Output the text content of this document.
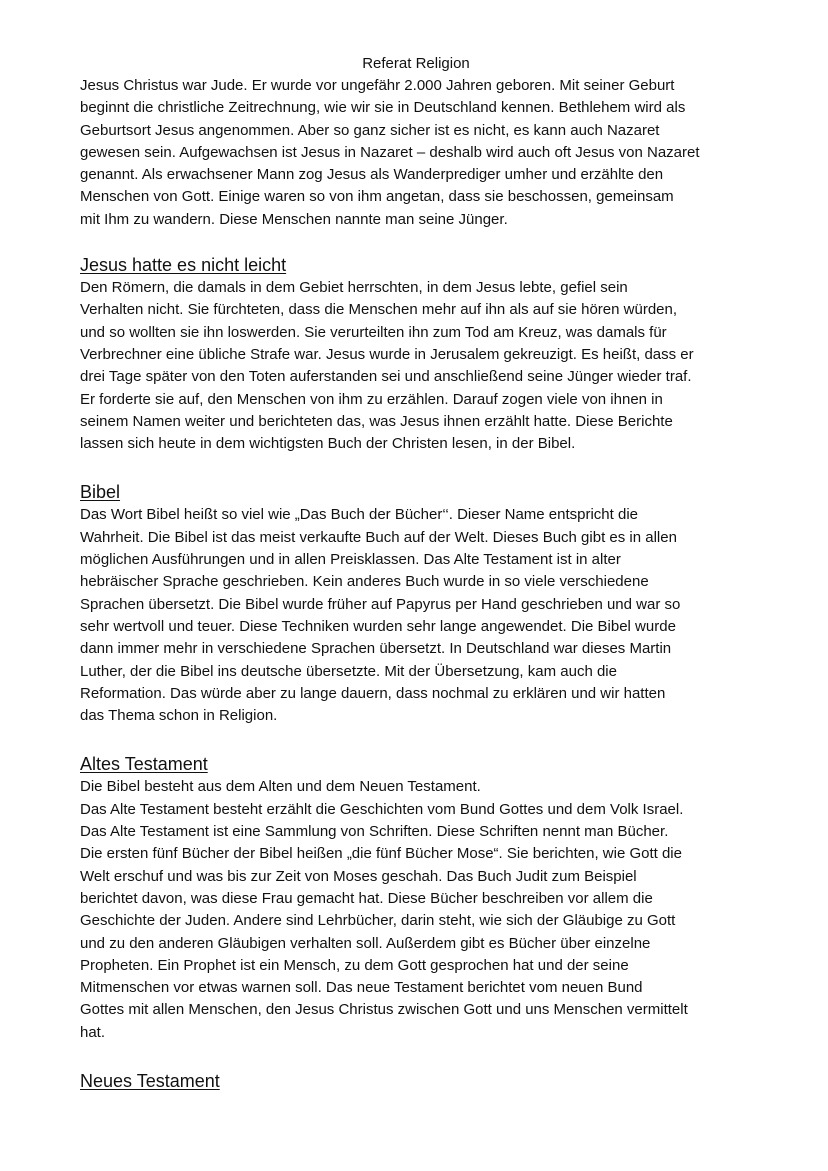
Referat Religion

Jesus Christus war Jude. Er wurde vor ungefähr 2.000 Jahren geboren. Mit seiner Geburt
beginnt die christliche Zeitrechnung, wie wir sie in Deutschland kennen. Bethlehem wird als
Geburtsort Jesus angenommen. Aber so ganz sicher ist es nicht, es kann auch Nazaret
gewesen sein. Aufgewachsen ist Jesus in Nazaret – deshalb wird auch oft Jesus von Nazaret
genannt. Als erwachsener Mann zog Jesus als Wanderprediger umher und erzählte den
Menschen von Gott. Einige waren so von ihm angetan, dass sie beschossen, gemeinsam
mit Ihm zu wandern. Diese Menschen nannte man seine Jünger.

Jesus hatte es nicht leicht

Den Römern, die damals in dem Gebiet herrschten, in dem Jesus lebte, gefiel sein
Verhalten nicht. Sie fürchteten, dass die Menschen mehr auf ihn als auf sie hören würden,
und so wollten sie ihn loswerden. Sie verurteilten ihn zum Tod am Kreuz, was damals für
Verbrechner eine übliche Strafe war. Jesus wurde in Jerusalem gekreuzigt. Es heißt, dass er
drei Tage später von den Toten auferstanden sei und anschließend seine Jünger wieder traf.
Er forderte sie auf, den Menschen von ihm zu erzählen. Darauf zogen viele von ihnen in
seinem Namen weiter und berichteten das, was Jesus ihnen erzählt hatte. Diese Berichte
lassen sich heute in dem wichtigsten Buch der Christen lesen, in der Bibel.

Bibel

Das Wort Bibel heißt so viel wie „Das Buch der Bücher‘‘. Dieser Name entspricht die
Wahrheit. Die Bibel ist das meist verkaufte Buch auf der Welt. Dieses Buch gibt es in allen
möglichen Ausführungen und in allen Preisklassen. Das Alte Testament ist in alter
hebräischer Sprache geschrieben. Kein anderes Buch wurde in so viele verschiedene
Sprachen übersetzt. Die Bibel wurde früher auf Papyrus per Hand geschrieben und war so
sehr wertvoll und teuer. Diese Techniken wurden sehr lange angewendet. Die Bibel wurde
dann immer mehr in verschiedene Sprachen übersetzt. In Deutschland war dieses Martin
Luther, der die Bibel ins deutsche übersetzte. Mit der Übersetzung, kam auch die
Reformation. Das würde aber zu lange dauern, dass nochmal zu erklären und wir hatten
das Thema schon in Religion.

Altes Testament

Die Bibel besteht aus dem Alten und dem Neuen Testament.
Das Alte Testament besteht erzählt die Geschichten vom Bund Gottes und dem Volk Israel.
Das Alte Testament ist eine Sammlung von Schriften. Diese Schriften nennt man Bücher.
Die ersten fünf Bücher der Bibel heißen „die fünf Bücher Mose“. Sie berichten, wie Gott die
Welt erschuf und was bis zur Zeit von Moses geschah. Das Buch Judit zum Beispiel
berichtet davon, was diese Frau gemacht hat. Diese Bücher beschreiben vor allem die
Geschichte der Juden. Andere sind Lehrbücher, darin steht, wie sich der Gläubige zu Gott
und zu den anderen Gläubigen verhalten soll. Außerdem gibt es Bücher über einzelne
Propheten. Ein Prophet ist ein Mensch, zu dem Gott gesprochen hat und der seine
Mitmenschen vor etwas warnen soll. Das neue Testament berichtet vom neuen Bund
Gottes mit allen Menschen, den Jesus Christus zwischen Gott und uns Menschen vermittelt
hat.

Neues Testament
